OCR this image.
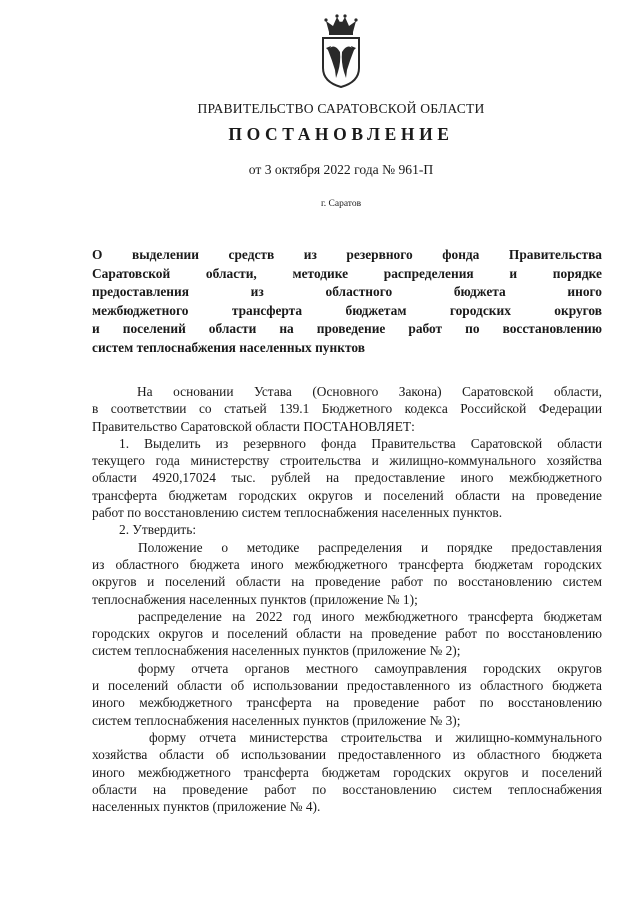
ПРАВИТЕЛЬСТВО САРАТОВСКОЙ ОБЛАСТИ
ПОСТАНОВЛЕНИЕ
от 3 октября 2022 года № 961-П
г. Саратов
О выделении средств из резервного фонда Правительства
Саратовской области, методике распределения и порядке
предоставления из областного бюджета иного
межбюджетного трансферта бюджетам городских округов
и поселений области на проведение работ по восстановлению
систем теплоснабжения населенных пунктов
На основании Устава (Основного Закона) Саратовской области,
в соответствии со статьей 139.1 Бюджетного кодекса Российской Федерации
Правительство Саратовской области ПОСТАНОВЛЯЕТ:
1. Выделить из резервного фонда Правительства Саратовской области
текущего года министерству строительства и жилищно-коммунального хозяйства
области 4920,17024 тыс. рублей на предоставление иного межбюджетного
трансферта бюджетам городских округов и поселений области на проведение
работ по восстановлению систем теплоснабжения населенных пунктов.
2. Утвердить:
Положение о методике распределения и порядке предоставления
из областного бюджета иного межбюджетного трансферта бюджетам городских
округов и поселений области на проведение работ по восстановлению систем
теплоснабжения населенных пунктов (приложение № 1);
распределение на 2022 год иного межбюджетного трансферта бюджетам
городских округов и поселений области на проведение работ по восстановлению
систем теплоснабжения населенных пунктов (приложение № 2);
форму отчета органов местного самоуправления городских округов
и поселений области об использовании предоставленного из областного бюджета
иного межбюджетного трансферта на проведение работ по восстановлению
систем теплоснабжения населенных пунктов (приложение № 3);
форму отчета министерства строительства и жилищно-коммунального
хозяйства области об использовании предоставленного из областного бюджета
иного межбюджетного трансферта бюджетам городских округов и поселений
области на проведение работ по восстановлению систем теплоснабжения
населенных пунктов (приложение № 4).
